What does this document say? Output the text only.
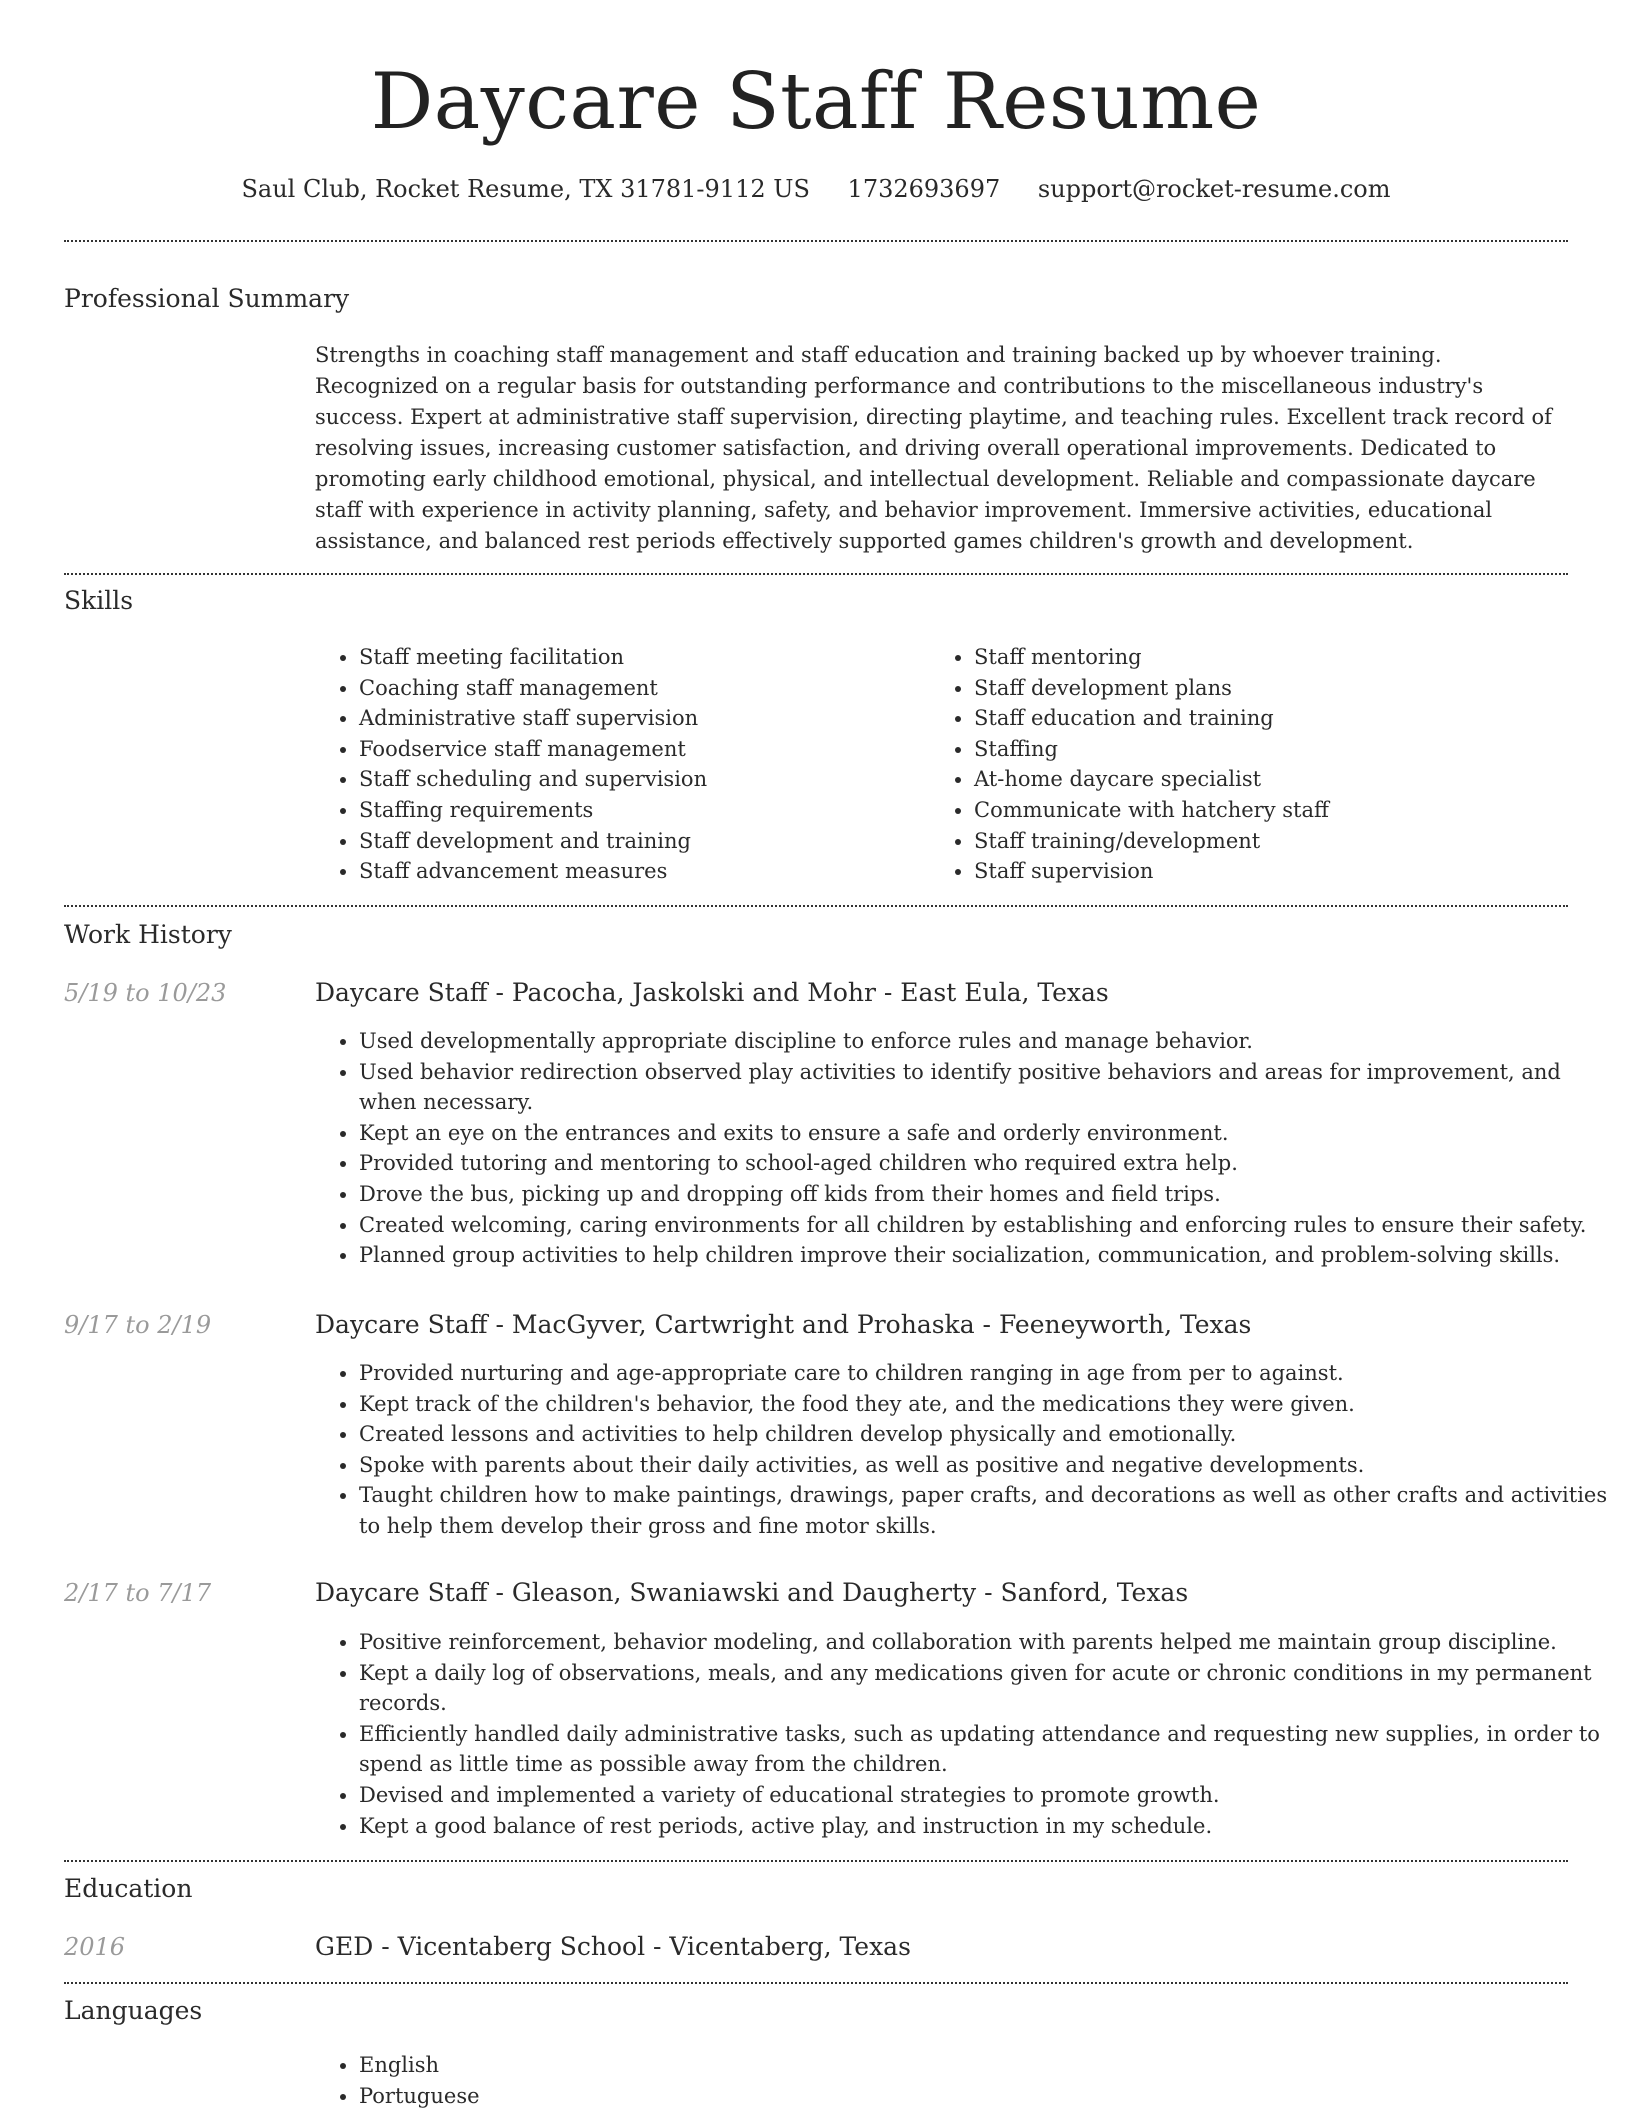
Daycare Staff Resume
Saul Club, Rocket Resume, TX 31781-9112 US 1732693697 support@rocket-resume.com
Professional Summary

Strengths in coaching staff management and staff education and training backed up by whoever training. Recognized on a regular basis for outstanding performance and contributions to the miscellaneous industry's success. Expert at administrative staff supervision, directing playtime, and teaching rules. Excellent track record of resolving issues, increasing customer satisfaction, and driving overall operational improvements. Dedicated to promoting early childhood emotional, physical, and intellectual development. Reliable and compassionate daycare staff with experience in activity planning, safety, and behavior improvement. Immersive activities, educational assistance, and balanced rest periods effectively supported games children's growth and development.

Skills
• Staff meeting facilitation
• Coaching staff management
• Administrative staff supervision
• Foodservice staff management
• Staff scheduling and supervision
• Staffing requirements
• Staff development and training
• Staff advancement measures
• Staff mentoring
• Staff development plans
• Staff education and training
• Staffing
• At-home daycare specialist
• Communicate with hatchery staff
• Staff training/development
• Staff supervision
Work History
5/19 to 10/23	Daycare Staff - Pacocha, Jaskolski and Mohr - East Eula, Texas
• Used developmentally appropriate discipline to enforce rules and manage behavior.
• Used behavior redirection observed play activities to identify positive behaviors and areas for improvement, and when necessary.
• Kept an eye on the entrances and exits to ensure a safe and orderly environment.
• Provided tutoring and mentoring to school-aged children who required extra help.
• Drove the bus, picking up and dropping off kids from their homes and field trips.
• Created welcoming, caring environments for all children by establishing and enforcing rules to ensure their safety.
• Planned group activities to help children improve their socialization, communication, and problem-solving skills.
9/17 to 2/19	Daycare Staff - MacGyver, Cartwright and Prohaska - Feeneyworth, Texas
• Provided nurturing and age-appropriate care to children ranging in age from per to against.
• Kept track of the children's behavior, the food they ate, and the medications they were given.
• Created lessons and activities to help children develop physically and emotionally.
• Spoke with parents about their daily activities, as well as positive and negative developments.
• Taught children how to make paintings, drawings, paper crafts, and decorations as well as other crafts and activities to help them develop their gross and fine motor skills.
2/17 to 7/17	Daycare Staff - Gleason, Swaniawski and Daugherty - Sanford, Texas
• Positive reinforcement, behavior modeling, and collaboration with parents helped me maintain group discipline.
• Kept a daily log of observations, meals, and any medications given for acute or chronic conditions in my permanent records.
• Efficiently handled daily administrative tasks, such as updating attendance and requesting new supplies, in order to spend as little time as possible away from the children.
• Devised and implemented a variety of educational strategies to promote growth.
• Kept a good balance of rest periods, active play, and instruction in my schedule.
Education
2016	GED - Vicentaberg School - Vicentaberg, Texas
Languages
• English
• Portuguese
